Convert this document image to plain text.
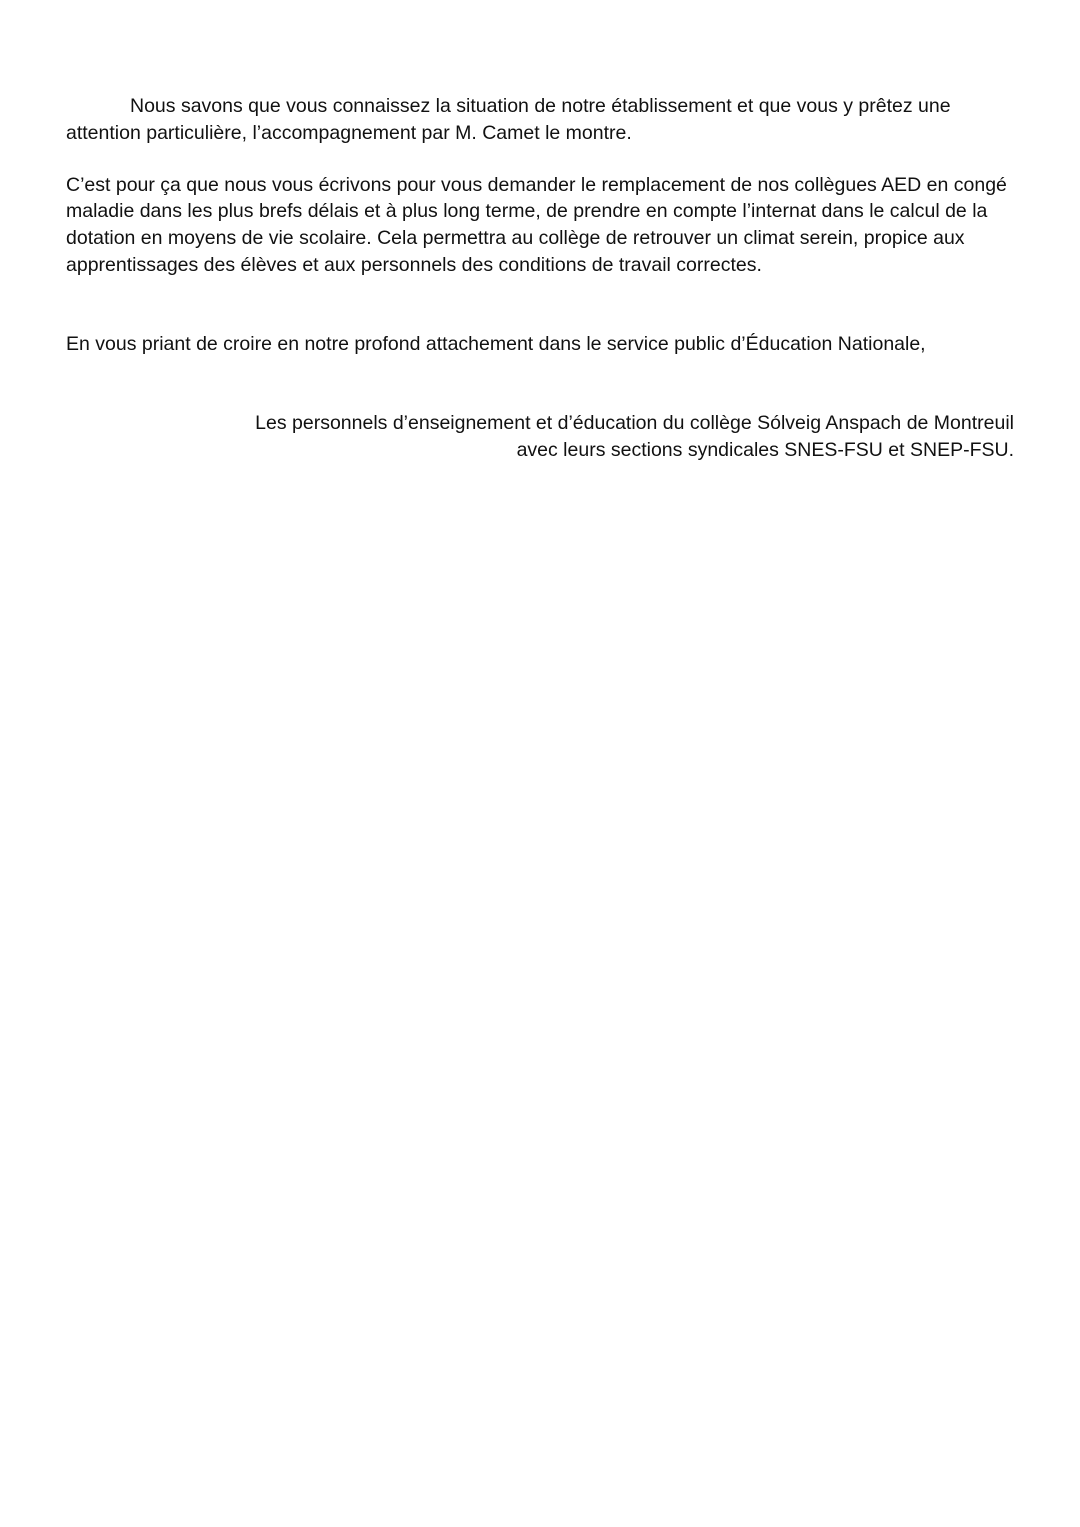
Nous savons que vous connaissez la situation de notre établissement et que vous y prêtez une

attention particulière, l’accompagnement par M. Camet le montre.

C’est pour ça que nous vous écrivons pour vous demander le remplacement de nos collègues AED en congé

maladie dans les plus brefs délais et à plus long terme, de prendre en compte l’internat dans le calcul de la

dotation en moyens de vie scolaire. Cela permettra au collège de retrouver un climat serein, propice aux

apprentissages des élèves et aux personnels des conditions de travail correctes.

En vous priant de croire en notre profond attachement dans le service public d’Éducation Nationale,

Les personnels d’enseignement et d’éducation du collège Sólveig Anspach de Montreuil

avec leurs sections syndicales SNES-FSU et SNEP-FSU.
